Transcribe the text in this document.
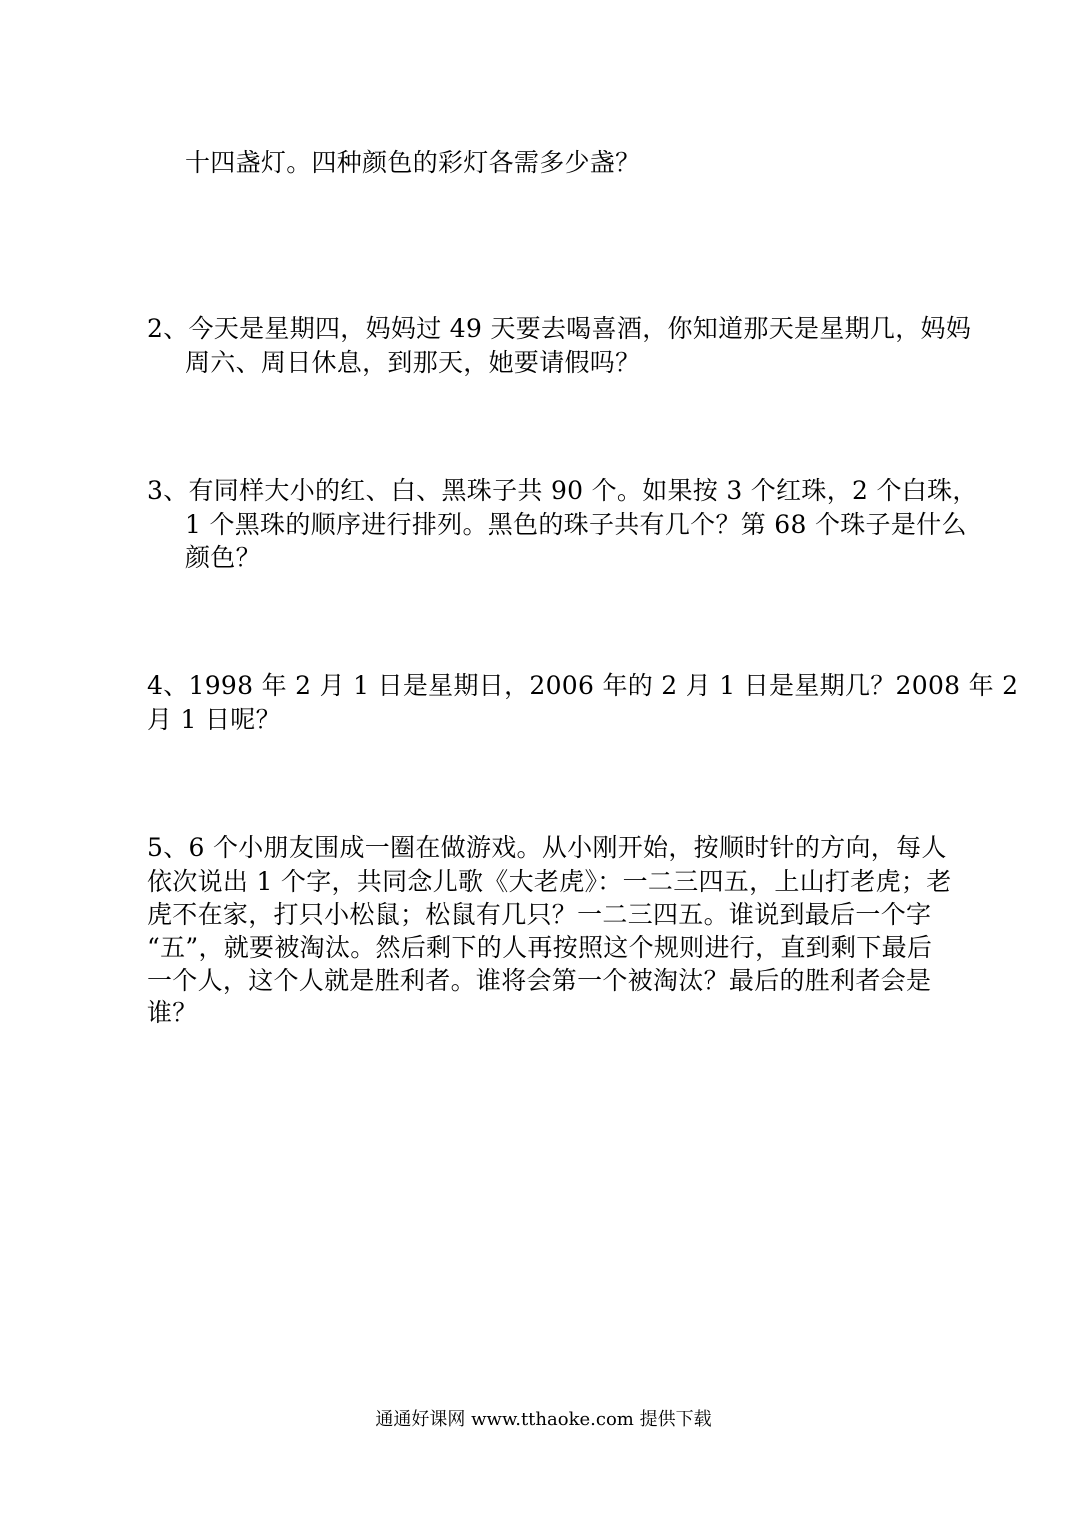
十四盏灯。四种颜色的彩灯各需多少盏？
2、今天是星期四，妈妈过 49 天要去喝喜酒，你知道那天是星期几，妈妈
周六、周日休息，到那天，她要请假吗？
3、有同样大小的红、白、黑珠子共 90 个。如果按 3 个红珠，2 个白珠，
1 个黑珠的顺序进行排列。黑色的珠子共有几个？第 68 个珠子是什么
颜色？
4、1998 年 2 月 1 日是星期日，2006 年的 2 月 1 日是星期几？2008 年 2
月 1 日呢？
5、6 个小朋友围成一圈在做游戏。从小刚开始，按顺时针的方向，每人
依次说出 1 个字，共同念儿歌《大老虎》：一二三四五，上山打老虎；老
虎不在家，打只小松鼠；松鼠有几只？一二三四五。谁说到最后一个字
“五”，就要被淘汰。然后剩下的人再按照这个规则进行，直到剩下最后
一个人，这个人就是胜利者。谁将会第一个被淘汰？最后的胜利者会是
谁？
通通好课网 www.tthaoke.com 提供下载
